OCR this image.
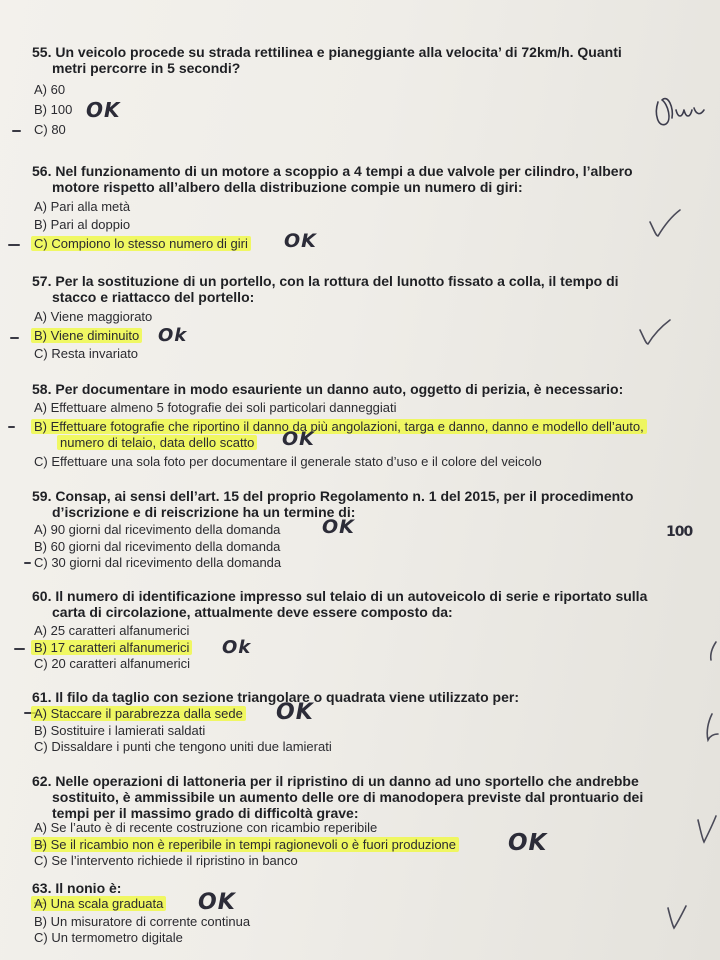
55. Un veicolo procede su strada rettilinea e pianeggiante alla velocita’ di 72km/h. Quanti
metri percorre in 5 secondi?
A) 60
B) 100 OK
C) 80
56. Nel funzionamento di un motore a scoppio a 4 tempi a due valvole per cilindro, l’albero
motore rispetto all’albero della distribuzione compie un numero di giri:
A) Pari alla metà
B) Pari al doppio
C) Compiono lo stesso numero di giri OK
57. Per la sostituzione di un portello, con la rottura del lunotto fissato a colla, il tempo di
stacco e riattacco del portello:
A) Viene maggiorato
B) Viene diminuito Ok
C) Resta invariato
58. Per documentare in modo esauriente un danno auto, oggetto di perizia, è necessario:
A) Effettuare almeno 5 fotografie dei soli particolari danneggiati
B) Effettuare fotografie che riportino il danno da più angolazioni, targa e danno, danno e modello dell’auto,
numero di telaio, data dello scatto OK
C) Effettuare una sola foto per documentare il generale stato d’uso e il colore del veicolo
59. Consap, ai sensi dell’art. 15 del proprio Regolamento n. 1 del 2015, per il procedimento
d’iscrizione e di reiscrizione ha un termine di:
A) 90 giorni dal ricevimento della domanda OK	100
B) 60 giorni dal ricevimento della domanda
C) 30 giorni dal ricevimento della domanda
60. Il numero di identificazione impresso sul telaio di un autoveicolo di serie e riportato sulla
carta di circolazione, attualmente deve essere composto da:
A) 25 caratteri alfanumerici
B) 17 caratteri alfanumerici Ok
C) 20 caratteri alfanumerici
61. Il filo da taglio con sezione triangolare o quadrata viene utilizzato per:
A) Staccare il parabrezza dalla sede OK
B) Sostituire i lamierati saldati
C) Dissaldare i punti che tengono uniti due lamierati
62. Nelle operazioni di lattoneria per il ripristino di un danno ad uno sportello che andrebbe
sostituito, è ammissibile un aumento delle ore di manodopera previste dal prontuario dei
tempi per il massimo grado di difficoltà grave:
A) Se l’auto è di recente costruzione con ricambio reperibile
B) Se il ricambio non è reperibile in tempi ragionevoli o è fuori produzione OK
C) Se l’intervento richiede il ripristino in banco
63. Il nonio è:
A) Una scala graduata OK
B) Un misuratore di corrente continua
C) Un termometro digitale
